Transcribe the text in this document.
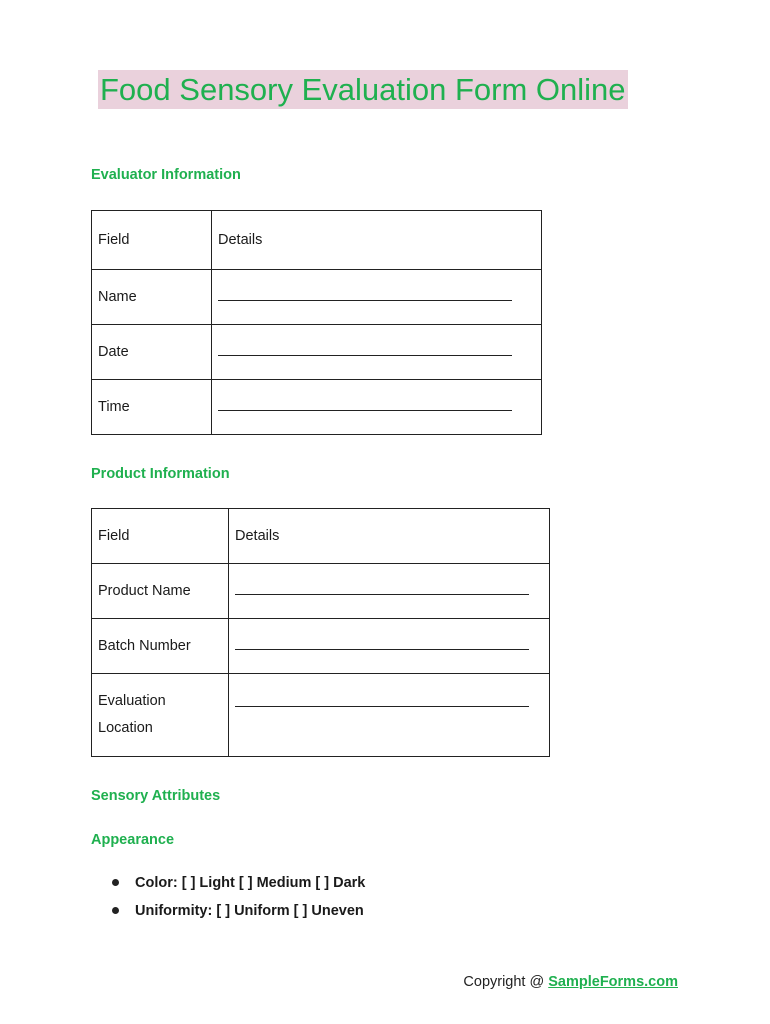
Food Sensory Evaluation Form Online
Evaluator Information
Field	Details
Name	
Date	
Time	
Product Information
Field	Details
Product Name	
Batch Number	

Evaluation
Location	

Sensory Attributes
Appearance
Color: [ ] Light [ ] Medium [ ] Dark
Uniformity: [ ] Uniform [ ] Uneven
Copyright @ SampleForms.com
